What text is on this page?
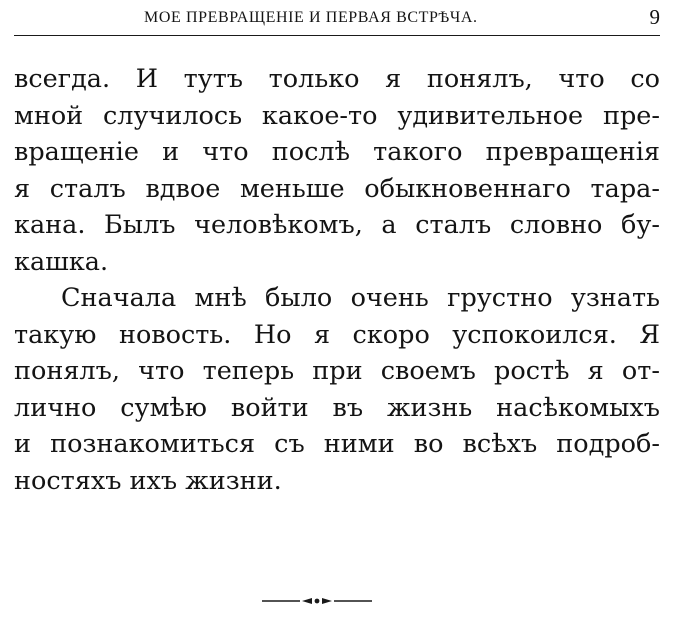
МОЕ ПРЕВРАЩЕНІЕ И ПЕРВАЯ ВСТРѢЧА.	9
всегда. И тутъ только я понялъ, что со
мной случилось какое-то удивительное пре-
вращеніе и что послѣ такого превращенія
я сталъ вдвое меньше обыкновеннаго тара-
кана. Былъ человѣкомъ, а сталъ словно бу-
кашка.
Сначала мнѣ было очень грустно узнать
такую новость. Но я скоро успокоился. Я
понялъ, что теперь при своемъ ростѣ я от-
лично сумѣю войти въ жизнь насѣкомыхъ
и познакомиться съ ними во всѣхъ подроб-
ностяхъ ихъ жизни.
